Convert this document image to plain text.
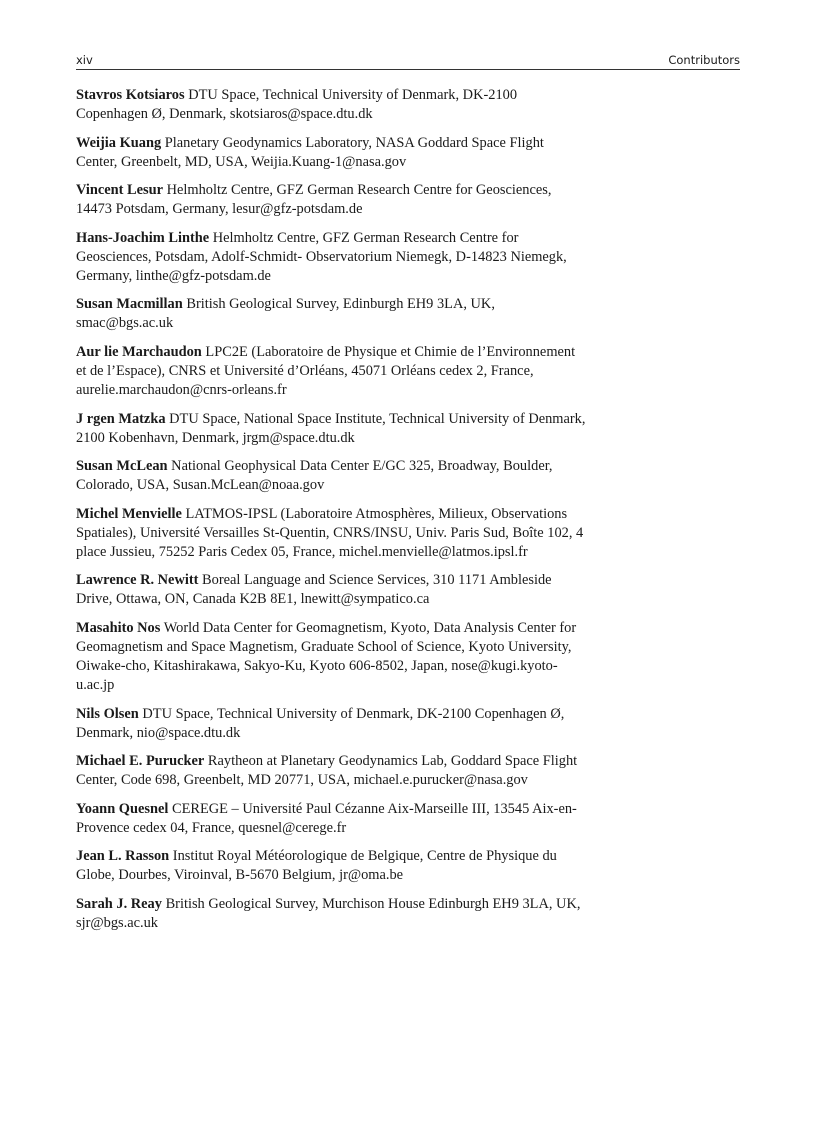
xiv	Contributors

Stavros Kotsiaros DTU Space, Technical University of Denmark, DK-2100 Copenhagen Ø, Denmark, skotsiaros@space.dtu.dk

Weijia Kuang Planetary Geodynamics Laboratory, NASA Goddard Space Flight Center, Greenbelt, MD, USA, Weijia.Kuang-1@nasa.gov

Vincent Lesur Helmholtz Centre, GFZ German Research Centre for Geosciences, 14473 Potsdam, Germany, lesur@gfz-potsdam.de

Hans-Joachim Linthe Helmholtz Centre, GFZ German Research Centre for Geosciences, Potsdam, Adolf-Schmidt- Observatorium Niemegk, D-14823 Niemegk, Germany, linthe@gfz-potsdam.de

Susan Macmillan British Geological Survey, Edinburgh EH9 3LA, UK, smac@bgs.ac.uk

Aur lie Marchaudon LPC2E (Laboratoire de Physique et Chimie de l’Environnement et de l’Espace), CNRS et Université d’Orléans, 45071 Orléans cedex 2, France, aurelie.marchaudon@cnrs-orleans.fr

J rgen Matzka DTU Space, National Space Institute, Technical University of Denmark, 2100 Kobenhavn, Denmark, jrgm@space.dtu.dk

Susan McLean National Geophysical Data Center E/GC 325, Broadway, Boulder, Colorado, USA, Susan.McLean@noaa.gov

Michel Menvielle LATMOS-IPSL (Laboratoire Atmosphères, Milieux, Observations Spatiales), Université Versailles St-Quentin, CNRS/INSU, Univ. Paris Sud, Boîte 102, 4 place Jussieu, 75252 Paris Cedex 05, France, michel.menvielle@latmos.ipsl.fr

Lawrence R. Newitt Boreal Language and Science Services, 310 1171 Ambleside Drive, Ottawa, ON, Canada K2B 8E1, lnewitt@sympatico.ca

Masahito Nos World Data Center for Geomagnetism, Kyoto, Data Analysis Center for Geomagnetism and Space Magnetism, Graduate School of Science, Kyoto University, Oiwake-cho, Kitashirakawa, Sakyo-Ku, Kyoto 606-8502, Japan, nose@kugi.kyoto-u.ac.jp

Nils Olsen DTU Space, Technical University of Denmark, DK-2100 Copenhagen Ø, Denmark, nio@space.dtu.dk

Michael E. Purucker Raytheon at Planetary Geodynamics Lab, Goddard Space Flight Center, Code 698, Greenbelt, MD 20771, USA, michael.e.purucker@nasa.gov

Yoann Quesnel CEREGE – Université Paul Cézanne Aix-Marseille III, 13545 Aix-en-Provence cedex 04, France, quesnel@cerege.fr

Jean L. Rasson Institut Royal Météorologique de Belgique, Centre de Physique du Globe, Dourbes, Viroinval, B-5670 Belgium, jr@oma.be

Sarah J. Reay British Geological Survey, Murchison House Edinburgh EH9 3LA, UK, sjr@bgs.ac.uk
